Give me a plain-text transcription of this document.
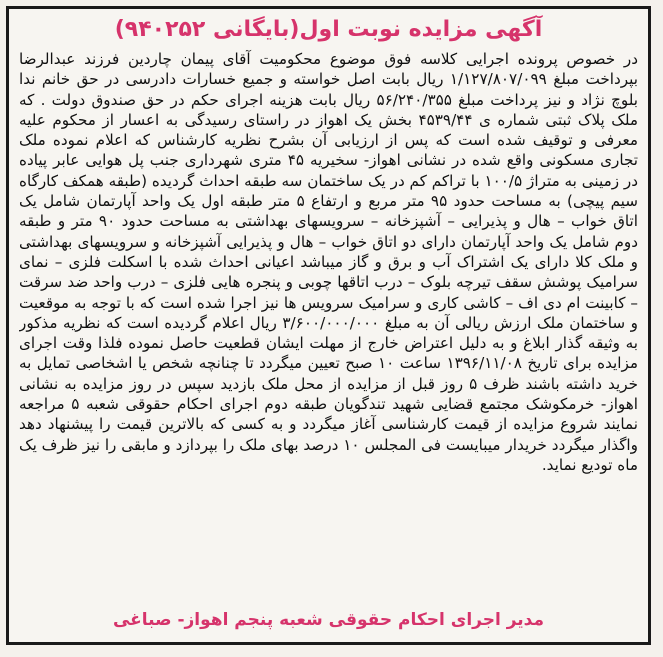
آگهی مزایده نوبت اول(بایگانی ۹۴۰۲۵۲)
در خصوص پرونده اجرایی کلاسه فوق موضوع محکومیت آقای پیمان چاردین فرزند عبدالرضا بپرداخت مبلغ ۱/۱۲۷/۸۰۷/۰۹۹ ریال بابت اصل خواسته و جمیع خسارات دادرسی در حق خانم ندا بلوچ نژاد و نیز پرداخت مبلغ ۵۶/۲۴۰/۳۵۵ ریال بابت هزینه اجرای حکم در حق صندوق دولت . که ملک پلاک ثبتی شماره ی ۴۵۳۹/۴۴ بخش یک اهواز در راستای رسیدگی به اعسار از محکوم علیه معرفی و توقیف شده است که پس از ارزیابی آن بشرح نظریه کارشناس که اعلام نموده ملک تجاری مسکونی واقع شده در نشانی اهواز- سخیریه ۴۵ متری شهرداری جنب پل هوایی عابر پیاده در زمینی به متراژ ۱۰۰/۵ با تراکم کم در یک ساختمان سه طبقه احداث گردیده (طبقه همکف کارگاه سیم پیچی) به مساحت حدود ۹۵ متر مربع و ارتفاع ۵ متر طبقه اول یک واحد آپارتمان شامل یک اتاق خواب – هال و پذیرایی – آشپزخانه – سرویسهای بهداشتی به مساحت حدود ۹۰ متر و طبقه دوم شامل یک واحد آپارتمان دارای دو اتاق خواب – هال و پذیرایی آشپزخانه و سرویسهای بهداشتی و ملک کلا دارای یک اشتراک آب و برق و گاز میباشد اعیانی احداث شده با اسکلت فلزی – نمای سرامیک پوشش سقف تیرچه بلوک – درب اتاقها چوبی و پنجره هایی فلزی – درب واحد ضد سرقت – کابینت ام دی اف – کاشی کاری و سرامیک سرویس ها نیز اجرا شده است که با توجه به موقعیت و ساختمان ملک ارزش ریالی آن به مبلغ ۳/۶۰۰/۰۰۰/۰۰۰ ریال اعلام گردیده است که نظریه مذکور به وثیقه گذار ابلاغ و به دلیل اعتراض خارج از مهلت ایشان قطعیت حاصل نموده فلذا وقت اجرای مزایده برای تاریخ ۱۳۹۶/۱۱/۰۸ ساعت ۱۰ صبح تعیین میگردد تا چنانچه شخص یا اشخاصی تمایل به خرید داشته باشند ظرف ۵ روز قبل از مزایده از محل ملک بازدید سپس در روز مزایده به نشانی اهواز- خرمکوشک مجتمع قضایی شهید تندگویان طبقه دوم اجرای احکام حقوقی شعبه ۵ مراجعه نمایند شروع مزایده از قیمت کارشناسی آغاز میگردد و به کسی که بالاترین قیمت را پیشنهاد دهد واگذار میگردد خریدار میبایست فی المجلس ۱۰ درصد بهای ملک را بپردازد و مابقی را نیز ظرف یک ماه تودیع نماید.
مدیر اجرای احکام حقوقی شعبه پنجم اهواز- صباغی
